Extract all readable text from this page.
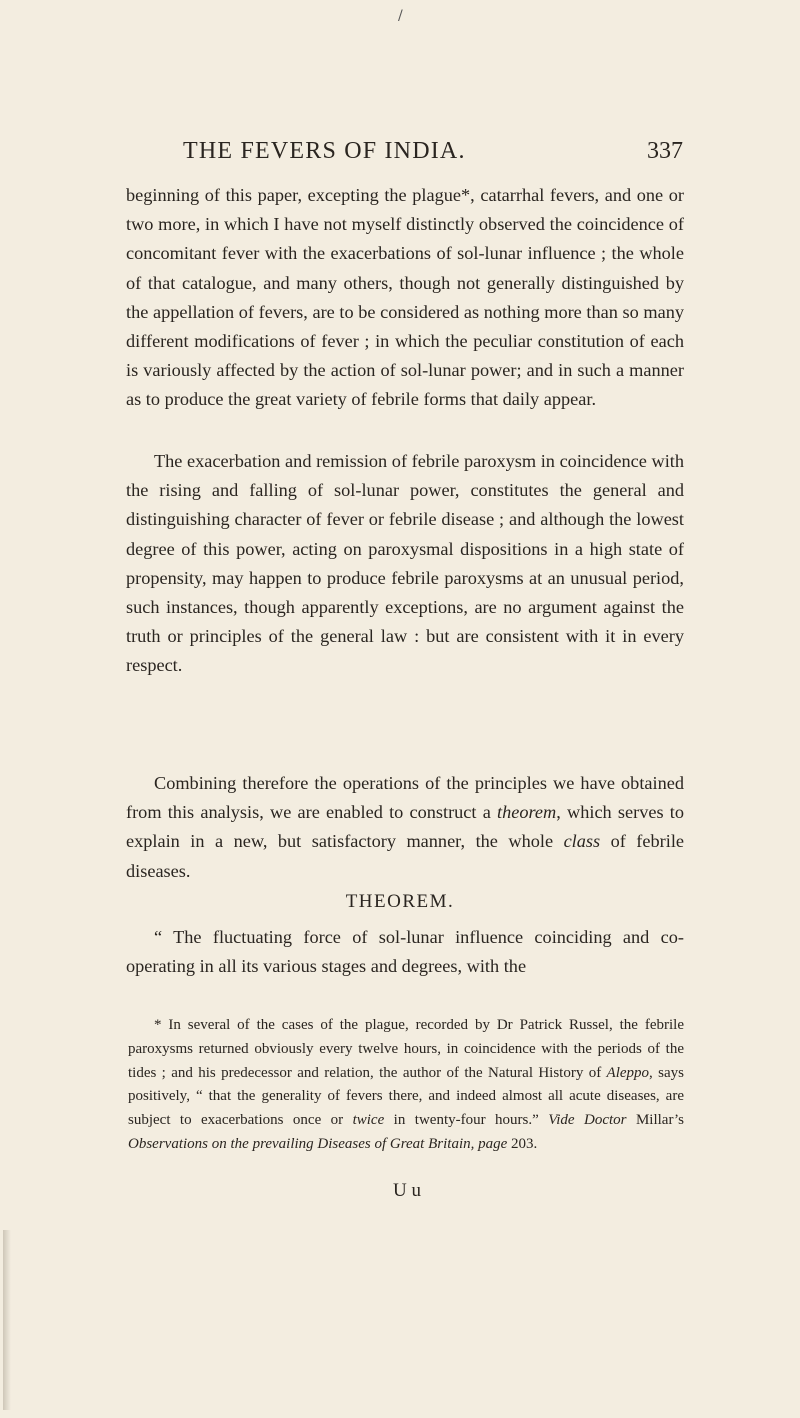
/
THE FEVERS OF INDIA.	337

beginning of this paper, excepting the plague*, catarrhal fevers, and one or two more, in which I have not myself distinctly observed the coincidence of concomitant fever with the exacerbations of sol-lunar influence ; the whole of that catalogue, and many others, though not generally distinguished by the appellation of fevers, are to be considered as nothing more than so many different modifications of fever ; in which the peculiar constitution of each is variously affected by the action of sol-lunar power; and in such a manner as to produce the great variety of febrile forms that daily appear.

The exacerbation and remission of febrile paroxysm in coincidence with the rising and falling of sol-lunar power, constitutes the general and distinguishing character of fever or febrile disease ; and although the lowest degree of this power, acting on paroxysmal dispositions in a high state of propensity, may happen to produce febrile paroxysms at an unusual period, such instances, though apparently exceptions, are no argument against the truth or principles of the general law : but are consistent with it in every respect.

Combining therefore the operations of the principles we have obtained from this analysis, we are enabled to construct a theorem, which serves to explain in a new, but satisfactory manner, the whole class of febrile diseases.

THEOREM.

“ The fluctuating force of sol-lunar influence coinciding and co-operating in all its various stages and degrees, with the

* In several of the cases of the plague, recorded by Dr Patrick Russel, the febrile paroxysms returned obviously every twelve hours, in coincidence with the periods of the tides ; and his predecessor and relation, the author of the Natural History of Aleppo, says positively, “ that the generality of fevers there, and indeed almost all acute diseases, are subject to exacerbations once or twice in twenty-four hours.” Vide Doctor Millar’s Observations on the prevailing Diseases of Great Britain, page 203.

U u
